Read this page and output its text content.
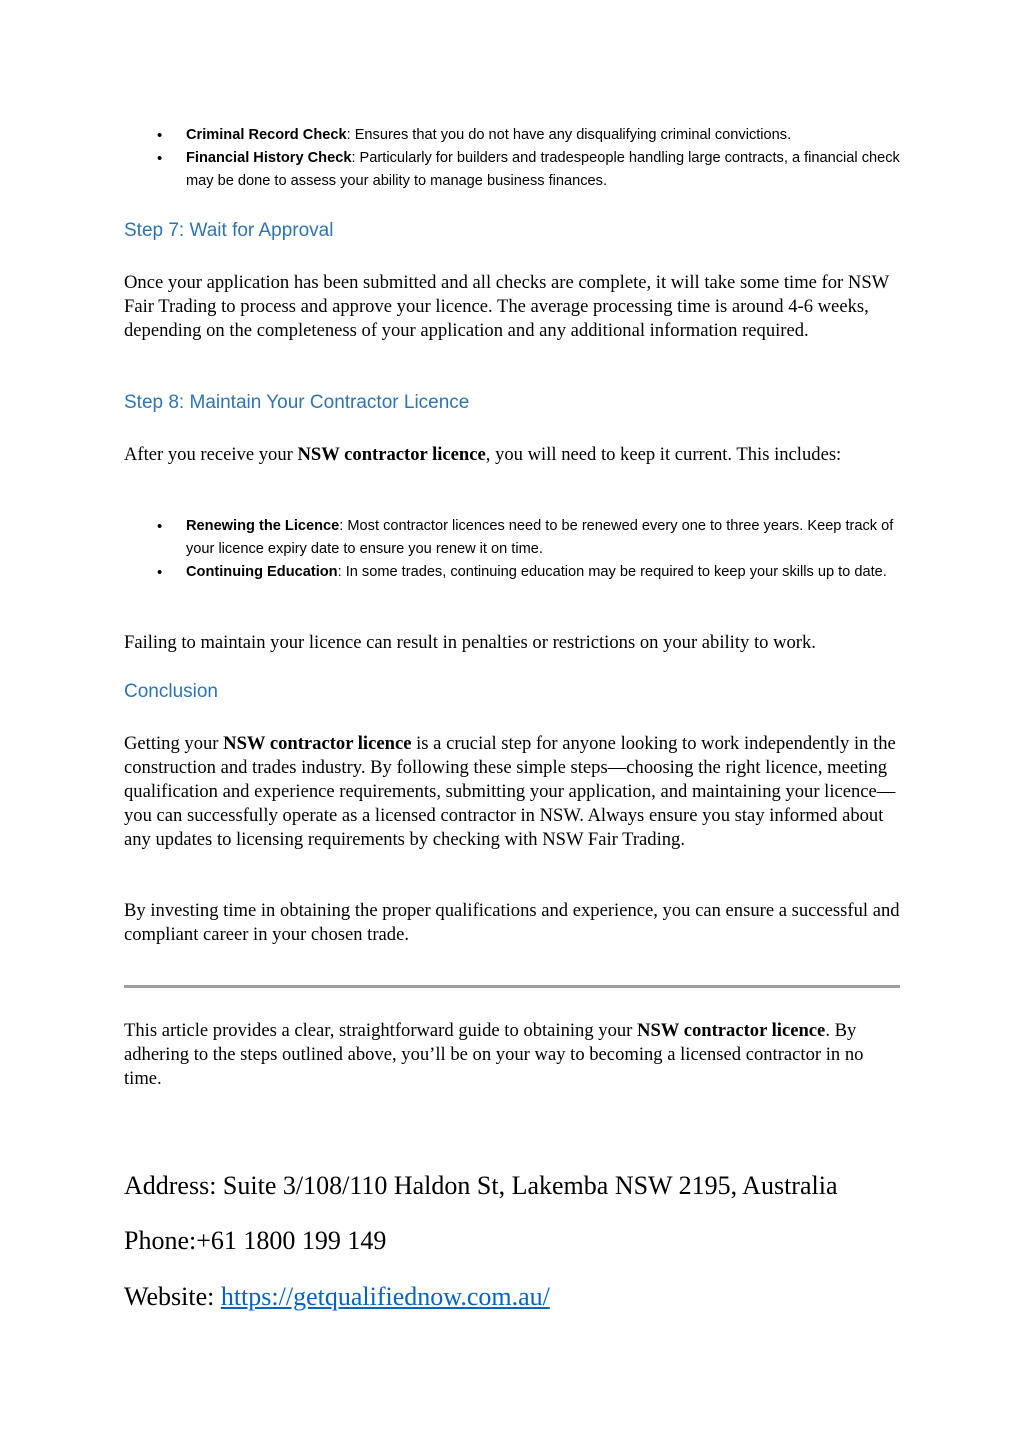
• Criminal Record Check: Ensures that you do not have any disqualifying criminal convictions.
• Financial History Check: Particularly for builders and tradespeople handling large contracts, a financial check may be done to assess your ability to manage business finances.
Step 7: Wait for Approval

Once your application has been submitted and all checks are complete, it will take some time for NSW Fair Trading to process and approve your licence. The average processing time is around 4-6 weeks, depending on the completeness of your application and any additional information required.

Step 8: Maintain Your Contractor Licence

After you receive your NSW contractor licence, you will need to keep it current. This includes:

• Renewing the Licence: Most contractor licences need to be renewed every one to three years. Keep track of your licence expiry date to ensure you renew it on time.
• Continuing Education: In some trades, continuing education may be required to keep your skills up to date.

Failing to maintain your licence can result in penalties or restrictions on your ability to work.

Conclusion

Getting your NSW contractor licence is a crucial step for anyone looking to work independently in the construction and trades industry. By following these simple steps—choosing the right licence, meeting qualification and experience requirements, submitting your application, and maintaining your licence—you can successfully operate as a licensed contractor in NSW. Always ensure you stay informed about any updates to licensing requirements by checking with NSW Fair Trading.

By investing time in obtaining the proper qualifications and experience, you can ensure a successful and compliant career in your chosen trade.

This article provides a clear, straightforward guide to obtaining your NSW contractor licence. By adhering to the steps outlined above, you’ll be on your way to becoming a licensed contractor in no time.

Address: Suite 3/108/110 Haldon St, Lakemba NSW 2195, Australia

Phone:+61 1800 199 149

Website: https://getqualifiednow.com.au/
